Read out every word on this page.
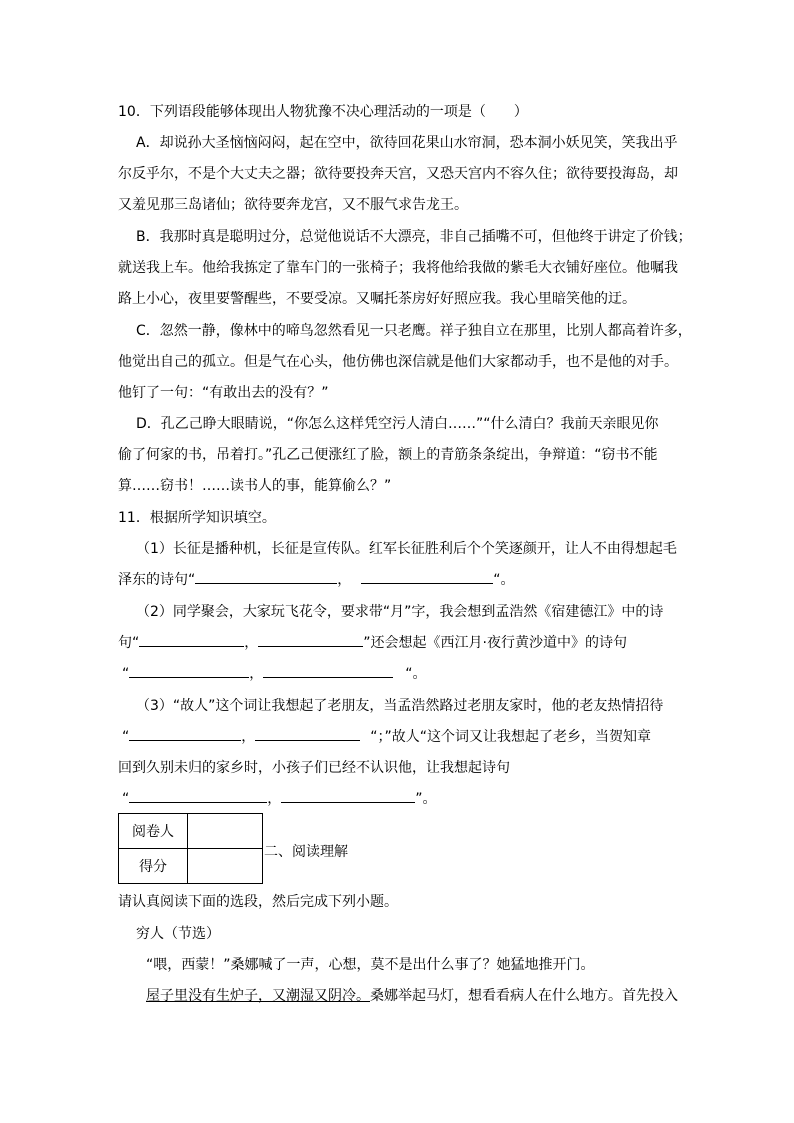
10．下列语段能够体现出人物犹豫不决心理活动的一项是（　　）
A．却说孙大圣恼恼闷闷，起在空中，欲待回花果山水帘洞，恐本洞小妖见笑，笑我出乎
尔反乎尔，不是个大丈夫之器；欲待要投奔天宫，又恐天宫内不容久住；欲待要投海岛，却
又羞见那三岛诸仙；欲待要奔龙宫，又不服气求告龙王。
B．我那时真是聪明过分，总觉他说话不大漂亮，非自己插嘴不可，但他终于讲定了价钱；
就送我上车。他给我拣定了靠车门的一张椅子；我将他给我做的紫毛大衣铺好座位。他嘱我
路上小心，夜里要警醒些，不要受凉。又嘱托茶房好好照应我。我心里暗笑他的迂。
C．忽然一静，像林中的啼鸟忽然看见一只老鹰。祥子独自立在那里，比别人都高着许多，
他觉出自己的孤立。但是气在心头，他仿佛也深信就是他们大家都动手，也不是他的对手。
他钉了一句：“有敢出去的没有？”
D．孔乙己睁大眼睛说，“你怎么这样凭空污人清白……”“什么清白？我前天亲眼见你
偷了何家的书，吊着打。”孔乙己便涨红了脸，额上的青筋条条绽出，争辩道：“窃书不能
算……窃书！……读书人的事，能算偷么？”
11．根据所学知识填空。
（1）长征是播种机，长征是宣传队。红军长征胜利后个个笑逐颜开，让人不由得想起毛
泽东的诗句“	，	“。
（2）同学聚会，大家玩飞花令，要求带“月”字，我会想到孟浩然《宿建德江》中的诗
句“	，	”还会想起《西江月·夜行黄沙道中》的诗句
“	，	“。
（3）“故人”这个词让我想起了老朋友，当孟浩然路过老朋友家时，他的老友热情招待
“	，	“；”故人“这个词又让我想起了老乡，当贺知章
回到久别未归的家乡时，小孩子们已经不认识他，让我想起诗句
“	，	”。
阅卷人	
得分	
二、阅读理解
请认真阅读下面的选段，然后完成下列小题。
穷人（节选）
“喂，西蒙！”桑娜喊了一声，心想，莫不是出什么事了？她猛地推开门。
屋子里没有生炉子，又潮湿又阴冷。桑娜举起马灯，想看看病人在什么地方。首先投入
